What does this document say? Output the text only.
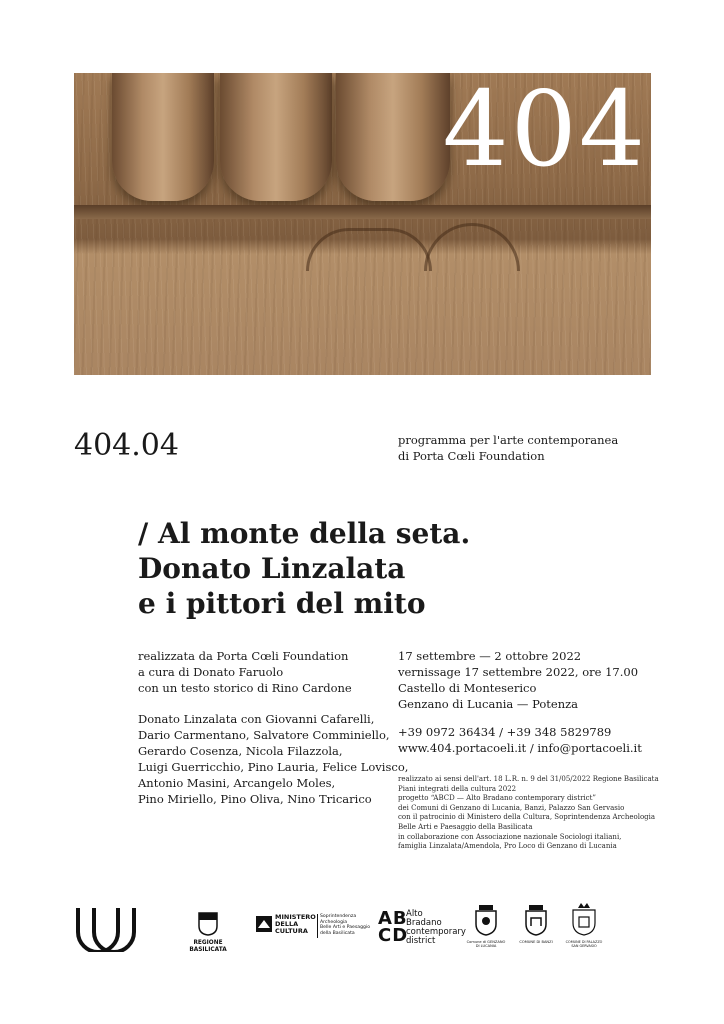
404
404.04	programma per l'arte contemporanea
di Porta Cœli Foundation
/ Al monte della seta.
Donato Linzalata
e i pittori del mito
realizzata da Porta Cœli Foundation
a cura di Donato Faruolo
con un testo storico di Rino Cardone
Donato Linzalata con Giovanni Cafarelli,
Dario Carmentano, Salvatore Comminiello,
Gerardo Cosenza, Nicola Filazzola,
Luigi Guerricchio, Pino Lauria, Felice Lovisco,
Antonio Masini, Arcangelo Moles,
Pino Miriello, Pino Oliva, Nino Tricarico
17 settembre — 2 ottobre 2022
vernissage 17 settembre 2022, ore 17.00
Castello di Monteserico
Genzano di Lucania — Potenza
+39 0972 36434 / +39 348 5829789
www.404.portacoeli.it / info@portacoeli.it
realizzato ai sensi dell'art. 18 L.R. n. 9 del 31/05/2022 Regione Basilicata
Piani integrati della cultura 2022
progetto “ABCD — Alto Bradano contemporary district”
dei Comuni di Genzano di Lucania, Banzi, Palazzo San Gervasio
con il patrocinio di Ministero della Cultura, Soprintendenza Archeologia
Belle Arti e Paesaggio della Basilicata
in collaborazione con Associazione nazionale Sociologi italiani,
famiglia Linzalata/Amendola, Pro Loco di Genzano di Lucania
REGIONE BASILICATA
MINISTERO
DELLA
CULTURA
Soprintendenza
Archeologia
Belle Arti e Paesaggio
della Basilicata
AB
CD
Alto
Bradano
contemporary
district	Comune di GENZANO DI LUCANIA
COMUNE DI BANZI	COMUNE DI PALAZZO SAN GERVASIO
